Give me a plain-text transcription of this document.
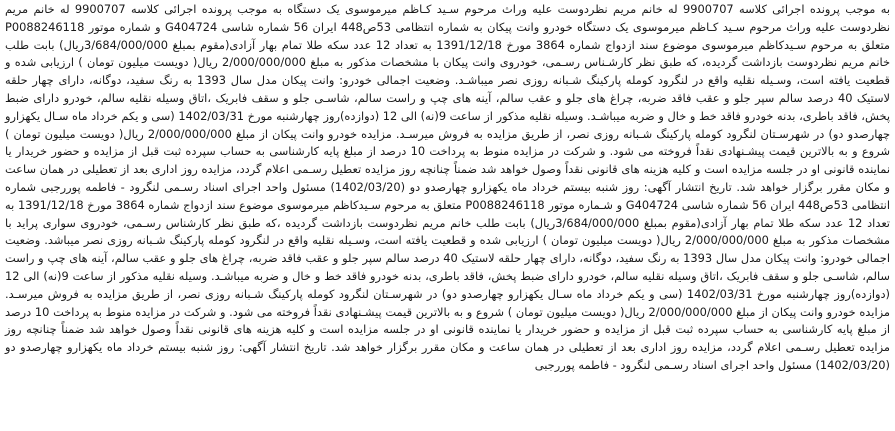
به موجب پرونده اجرائی کلاسه 9900707 له خانم مریم نظردوست علیه وراث مرحوم سـید کـاظم میرموسوی یک دستگاه به موجب پرونده اجرائی کلاسه 9900707 له خانم مریم نظردوست علیه وراث مرحوم سـید کـاظم میرموسوی یک دستگاه خودرو وانت پیکان به شماره انتظامی 53ص448 ایران 56 شماره شاسی G404724 و شماره موتور P0088246118 متعلق به مرحوم سـیدکاظم میرموسوی موضوع سند ازدواج شماره 3864 مورخ 1391/12/18 به تعداد 12 عدد سکه طلا تمام بهار آزادی(مقوم بمبلغ 3/684/000/000ریال) بابت طلب خانم مریم نظردوست بازداشت گردیده، که طبق نظر کارشـناس رسـمی، خودروی وانت پیکان با مشخصات مذکور به مبلغ 2/000/000/000 ریال( دویست میلیون تومان ) ارزیابی شده و قطعیت یافته است، وسـیله نقلیه واقع در لنگرود کومله پارکینگ شـبانه روزی نصر میباشـد. وضعیت اجمالی خودرو: وانت پیکان مدل سال 1393 به رنگ سفید، دوگانه، دارای چهار حلقه لاستیک 40 درصد سالم سپر جلو و عقب فاقد ضربه، چراغ های جلو و عقب سالم، آینه های چپ و راست سالم، شاسـی جلو و سقف فابریک ،اتاق وسیله نقلیه سالم، خودرو دارای ضبط پخش، فاقد باطری، بدنه خودرو فاقد خط و خال و ضربه میباشـد. وسیله نقلیه مذکور از ساعت 9(نه) الی 12 (دوازده)روز چهارشنبه مورخ 1402/03/31 (سی و یکم خرداد ماه سـال یکهزارو چهارصدو دو) در شهرسـتان لنگرود کومله پارکینگ شـبانه روزی نصر، از طریق مزایده به فروش میرسـد. مزایده خودرو وانت پیکان از مبلغ 2/000/000/000 ریال( دویست میلیون تومان ) شروع و به بالاترین قیمت پیشـنهادی نقداً فروخته می شود. و شرکت در مزایده منوط به پرداخت 10 درصد از مبلغ پایه کارشناسی به حساب سپرده ثبت قبل از مزایده و حضور خریدار یا نماینده قانونی او در جلسه مزایده است و کلیه هزینه های قانونی نقداً وصول خواهد شد ضمناً چنانچه روز مزایده تعطیل رسـمی اعلام گردد، مزایده روز اداری بعد از تعطیلی در همان ساعت و مکان مقرر برگزار خواهد شد. تاریخ انتشار آگهی: روز شنبه بیستم خرداد ماه یکهزارو چهارصدو دو (1402/03/20) مسئول واحد اجرای اسناد رسـمی لنگرود - فاطمه پوررجبی شماره انتظامی 53ص448 ایران 56 شماره شاسی G404724 و شـماره موتور P0088246118 متعلق به مرحوم سـیدکاظم میرموسوی موضوع سند ازدواج شماره 3864 مورخ 1391/12/18 به تعداد 12 عدد سکه طلا تمام بهار آزادی(مقوم بمبلغ 3/684/000/000ریال) بابت طلب خانم مریم نظردوست بازداشت گردیده ،که طبق نظر کارشناس رسـمی، خودروی سواری پراید با مشخصات مذکور به مبلغ 2/000/000/000 ریال( دویست میلیون تومان ) ارزیابی شده و قطعیت یافته است، وسـیله نقلیه واقع در لنگرود کومله پارکینگ شـبانه روزی نصر میباشد. وضعیت اجمالی خودرو: وانت پیکان مدل سال 1393 به رنگ سفید، دوگانه، دارای چهار حلقه لاستیک 40 درصد سالم سپر جلو و عقب فاقد ضربه، چراغ های جلو و عقب سالم، آینه های چپ و راست سالم، شاسـی جلو و سقف فابریک ،اتاق وسیله نقلیه سالم، خودرو دارای ضبط پخش، فاقد باطری، بدنه خودرو فاقد خط و خال و ضربه میباشـد. وسیله نقلیه مذکور از ساعت 9(نه) الی 12 (دوازده)روز چهارشنبه مورخ 1402/03/31 (سی و یکم خرداد ماه سـال یکهزارو چهارصدو دو) در شهرسـتان لنگرود کومله پارکینگ شـبانه روزی نصر، از طریق مزایده به فروش میرسـد. مزایده خودرو وانت پیکان از مبلغ 2/000/000/000 ریال( دویست میلیون تومان ) شروع و به بالاترین قیمت پیشـنهادی نقداً فروخته می شود. و شرکت در مزایده منوط به پرداخت 10 درصد از مبلغ پایه کارشناسی به حساب سپرده ثبت قبل از مزایده و حضور خریدار یا نماینده قانونی او در جلسه مزایده است و کلیه هزینه های قانونی نقداً وصول خواهد شد ضمناً چنانچه روز مزایده تعطیل رسـمی اعلام گردد، مزایده روز اداری بعد از تعطیلی در همان ساعت و مکان مقرر برگزار خواهد شد. تاریخ انتشار آگهی: روز شنبه بیستم خرداد ماه یکهزارو چهارصدو دو (1402/03/20) مسئول واحد اجرای اسناد رسـمی لنگرود - فاطمه پوررجبی
